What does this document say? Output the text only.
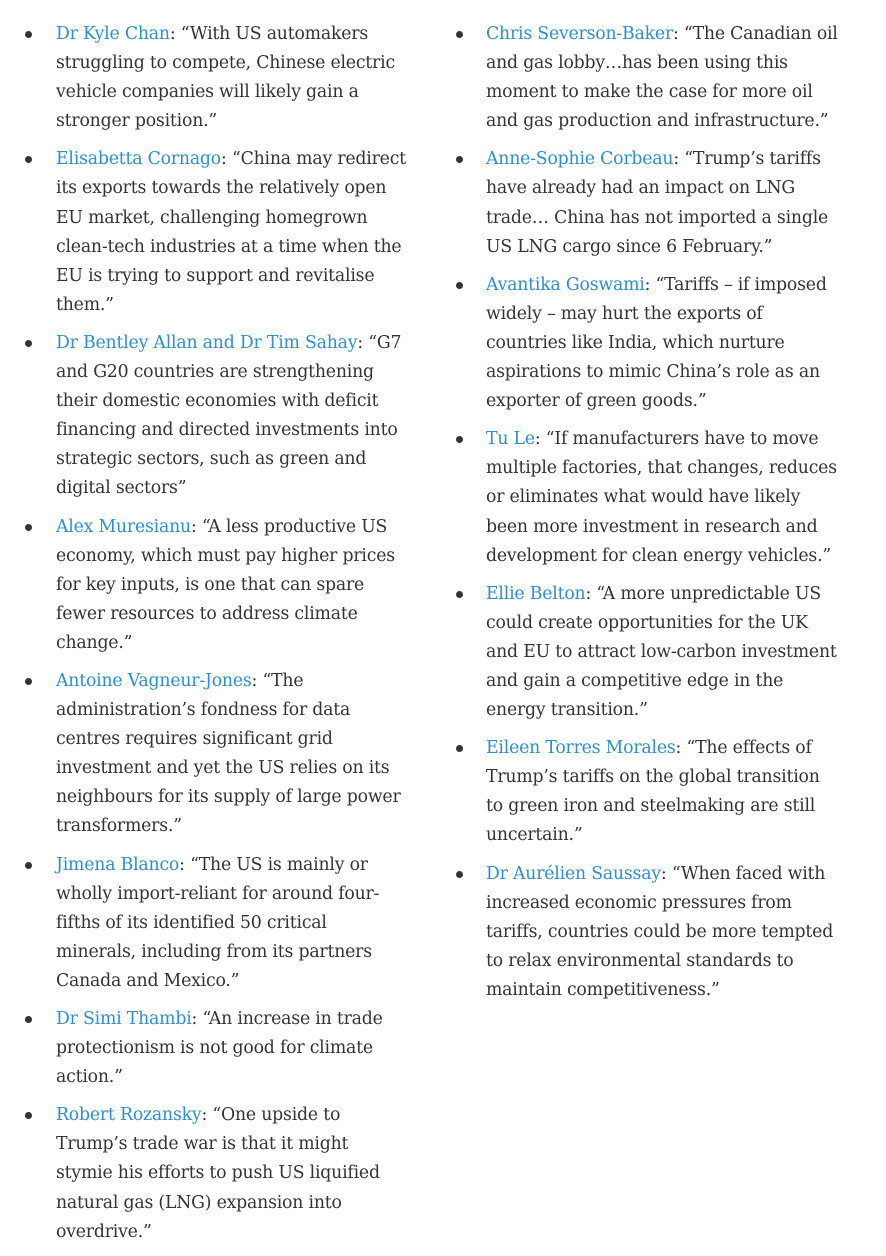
Dr Kyle Chan: “With US automakers struggling to compete, Chinese electric vehicle companies will likely gain a stronger position.”
Elisabetta Cornago: “China may redirect its exports towards the relatively open EU market, challenging homegrown clean-tech industries at a time when the EU is trying to support and revitalise them.”
Dr Bentley Allan and Dr Tim Sahay: “G7 and G20 countries are strengthening their domestic economies with deficit financing and directed investments into strategic sectors, such as green and digital sectors”
Alex Muresianu: “A less productive US economy, which must pay higher prices for key inputs, is one that can spare fewer resources to address climate change.”
Antoine Vagneur-Jones: “The administration’s fondness for data centres requires significant grid investment and yet the US relies on its neighbours for its supply of large power transformers.”
Jimena Blanco: “The US is mainly or wholly import-reliant for around four-fifths of its identified 50 critical minerals, including from its partners Canada and Mexico.”
Dr Simi Thambi: “An increase in trade protectionism is not good for climate action.”
Robert Rozansky: “One upside to Trump’s trade war is that it might stymie his efforts to push US liquified natural gas (LNG) expansion into overdrive.”
Chris Severson-Baker: “The Canadian oil and gas lobby…has been using this moment to make the case for more oil and gas production and infrastructure.”
Anne-Sophie Corbeau: “Trump’s tariffs have already had an impact on LNG trade… China has not imported a single US LNG cargo since 6 February.”
Avantika Goswami: “Tariffs – if imposed widely – may hurt the exports of countries like India, which nurture aspirations to mimic China’s role as an exporter of green goods.”
Tu Le: “If manufacturers have to move multiple factories, that changes, reduces or eliminates what would have likely been more investment in research and development for clean energy vehicles.”
Ellie Belton: “A more unpredictable US could create opportunities for the UK and EU to attract low-carbon investment and gain a competitive edge in the energy transition.”
Eileen Torres Morales: “The effects of Trump’s tariffs on the global transition to green iron and steelmaking are still uncertain.”
Dr Aurélien Saussay: “When faced with increased economic pressures from tariffs, countries could be more tempted to relax environmental standards to maintain competitiveness.”
